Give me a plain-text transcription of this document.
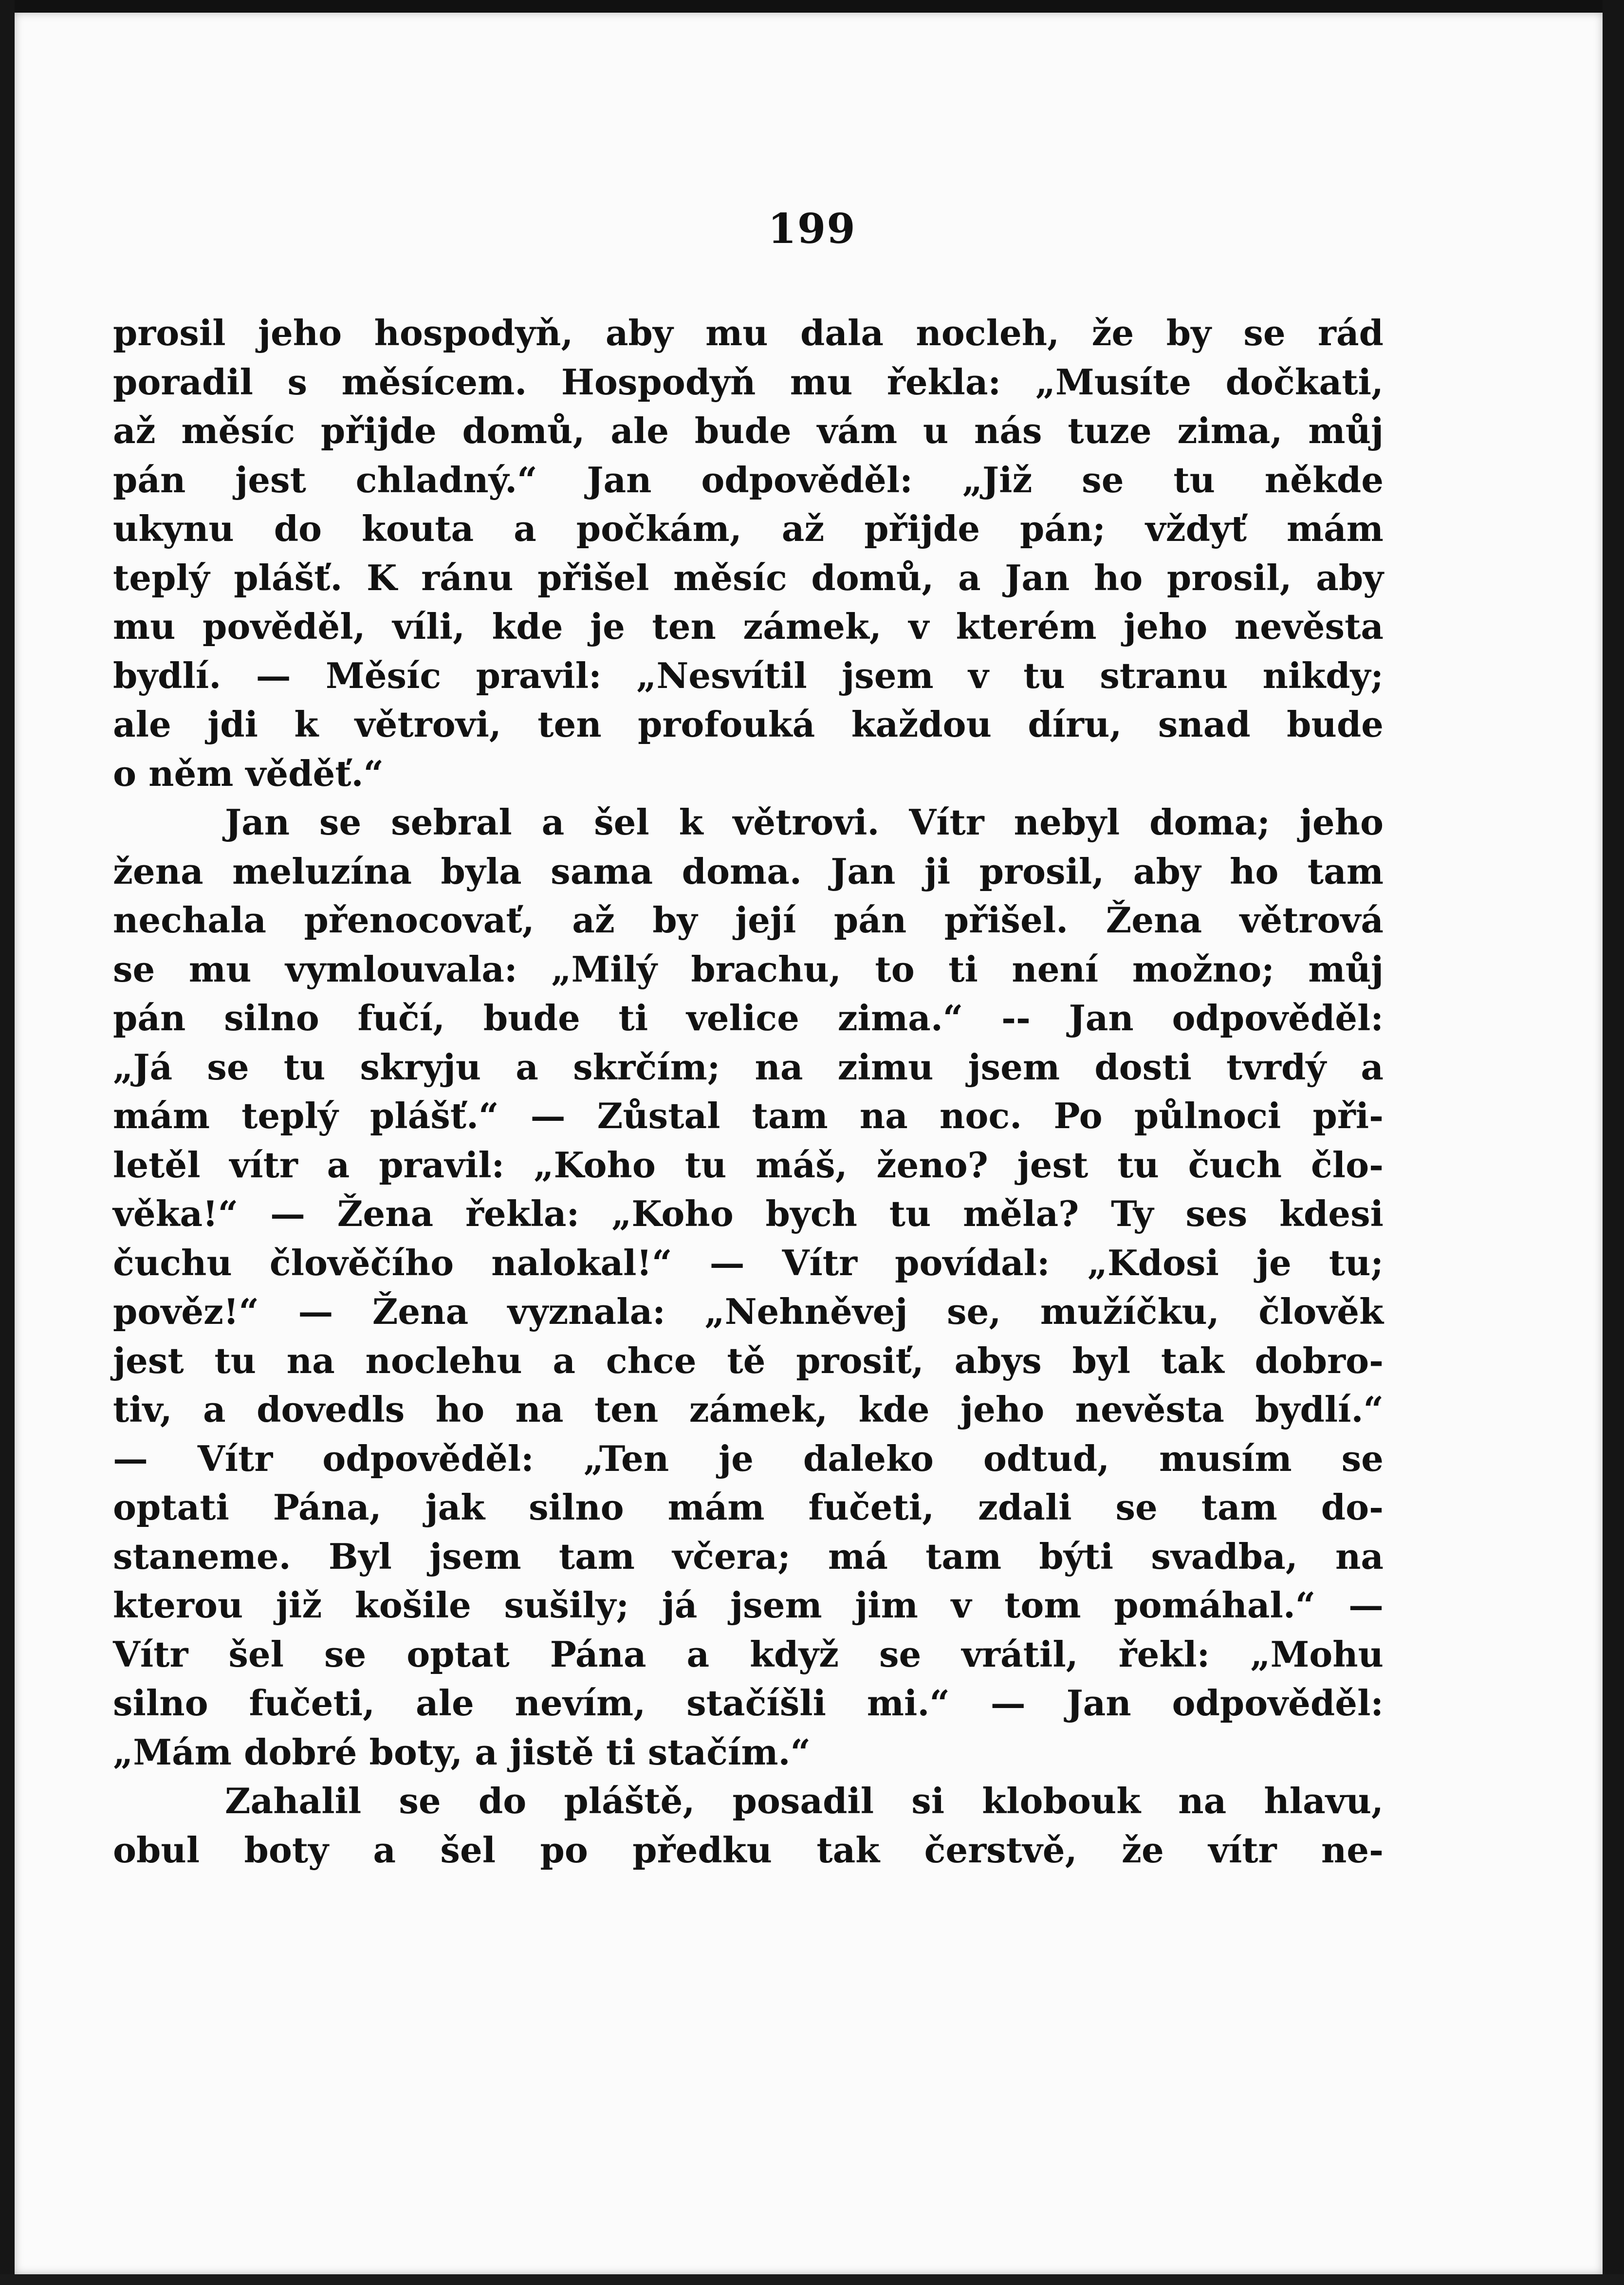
199
prosil jeho hospodyň, aby mu dala nocleh, že by se rád
poradil s měsícem. Hospodyň mu řekla: „Musíte dočkati,
až měsíc přijde domů, ale bude vám u nás tuze zima, můj
pán jest chladný.“ Jan odpověděl: „Již se tu někde
ukynu do kouta a počkám, až přijde pán; vždyť mám
teplý plášť. K ránu přišel měsíc domů, a Jan ho prosil, aby
mu pověděl, víli, kde je ten zámek, v kterém jeho nevěsta
bydlí. — Měsíc pravil: „Nesvítil jsem v tu stranu nikdy;
ale jdi k větrovi, ten profouká každou díru, snad bude
o něm věděť.“
Jan se sebral a šel k větrovi. Vítr nebyl doma; jeho
žena meluzína byla sama doma. Jan ji prosil, aby ho tam
nechala přenocovať, až by její pán přišel. Žena větrová
se mu vymlouvala: „Milý brachu, to ti není možno; můj
pán silno fučí, bude ti velice zima.“ -- Jan odpověděl:
„Já se tu skryju a skrčím; na zimu jsem dosti tvrdý a
mám teplý plášť.“ — Zůstal tam na noc. Po půlnoci při-
letěl vítr a pravil: „Koho tu máš, ženo? jest tu čuch člo-
věka!“ — Žena řekla: „Koho bych tu měla? Ty ses kdesi
čuchu člověčího nalokal!“ — Vítr povídal: „Kdosi je tu;
pověz!“ — Žena vyznala: „Nehněvej se, mužíčku, člověk
jest tu na noclehu a chce tě prosiť, abys byl tak dobro-
tiv, a dovedls ho na ten zámek, kde jeho nevěsta bydlí.“
— Vítr odpověděl: „Ten je daleko odtud, musím se
optati Pána, jak silno mám fučeti, zdali se tam do-
staneme. Byl jsem tam včera; má tam býti svadba, na
kterou již košile sušily; já jsem jim v tom pomáhal.“ —
Vítr šel se optat Pána a když se vrátil, řekl: „Mohu
silno fučeti, ale nevím, stačíšli mi.“ — Jan odpověděl:
„Mám dobré boty, a jistě ti stačím.“
Zahalil se do pláště, posadil si klobouk na hlavu,
obul boty a šel po předku tak čerstvě, že vítr ne-
